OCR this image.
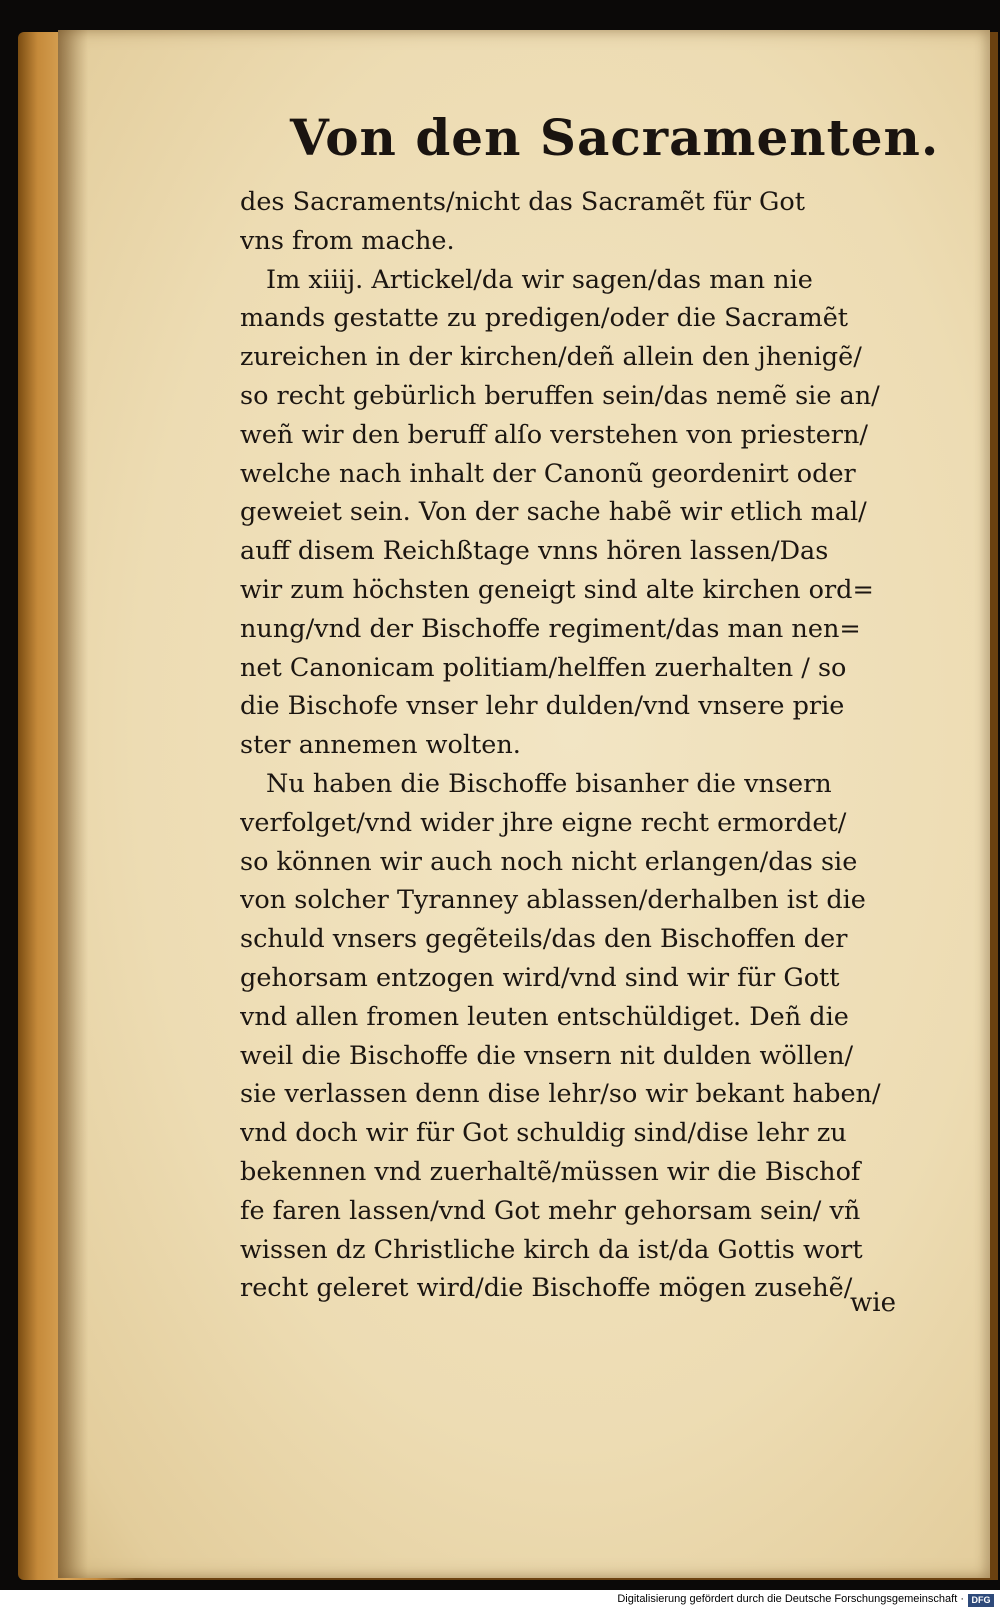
Von den Sacramenten.
des Sacraments/nicht das Sacramẽt für Got
vns from mache.
Im xiiij. Artickel/da wir sagen/das man nie
mands gestatte zu predigen/oder die Sacramẽt
zureichen in der kirchen/deñ allein den jhenigẽ/
so recht gebürlich beruffen sein/das nemẽ sie an/
weñ wir den beruff alſo verstehen von priestern/
welche nach inhalt der Canonũ geordenirt oder
geweiet sein. Von der sache habẽ wir etlich mal/
auff disem Reichßtage vnns hören lassen/Das
wir zum höchsten geneigt sind alte kirchen ord=
nung/vnd der Bischoffe regiment/das man nen=
net Canonicam politiam/helffen zuerhalten / so
die Bischofe vnser lehr dulden/vnd vnsere prie
ster annemen wolten.
Nu haben die Bischoffe bisanher die vnsern
verfolget/vnd wider jhre eigne recht ermordet/
so können wir auch noch nicht erlangen/das sie
von solcher Tyranney ablassen/derhalben ist die
schuld vnsers gegẽteils/das den Bischoffen der
gehorsam entzogen wird/vnd sind wir für Gott
vnd allen fromen leuten entschüldiget. Deñ die
weil die Bischoffe die vnsern nit dulden wöllen/
sie verlassen denn dise lehr/so wir bekant haben/
vnd doch wir für Got schuldig sind/dise lehr zu
bekennen vnd zuerhaltẽ/müssen wir die Bischof
fe faren lassen/vnd Got mehr gehorsam sein/ vñ
wissen dz Christliche kirch da ist/da Gottis wort
recht geleret wird/die Bischoffe mögen zusehẽ/
wie
Digitalisierung gefördert durch die Deutsche Forschungsgemeinschaft · DFG
